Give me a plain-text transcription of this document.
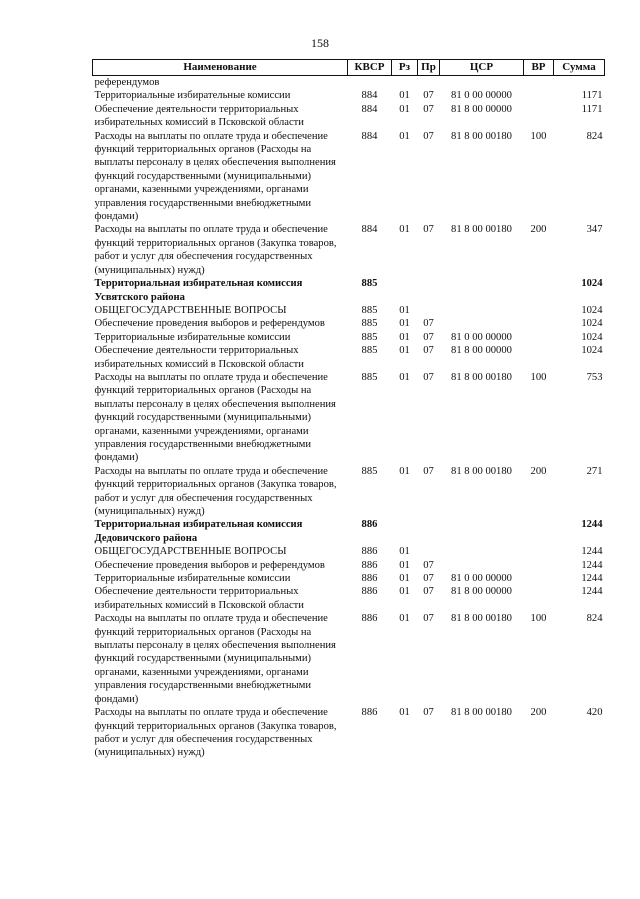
158
Наименование	КВСР	Рз	Пр	ЦСР	ВР	Сумма
референдумов						
Территориальные избирательные комиссии	884	01	07	81 0 00 00000		1171
Обеспечение деятельности территориальных избирательных комиссий в Псковской области	884	01	07	81 8 00 00000		1171
Расходы на выплаты по оплате труда и обеспечение функций территориальных органов (Расходы на выплаты персоналу в целях обеспечения выполнения функций государственными (муниципальными) органами, казенными учреждениями, органами управления государственными внебюджетными фондами)	884	01	07	81 8 00 00180	100	824
Расходы на выплаты по оплате труда и обеспечение функций территориальных органов (Закупка товаров, работ и услуг для обеспечения государственных (муниципальных) нужд)	884	01	07	81 8 00 00180	200	347
Территориальная избирательная комиссия Усвятского района	885					1024
ОБЩЕГОСУДАРСТВЕННЫЕ ВОПРОСЫ	885	01				1024
Обеспечение проведения выборов и референдумов	885	01	07			1024
Территориальные избирательные комиссии	885	01	07	81 0 00 00000		1024
Обеспечение деятельности территориальных избирательных комиссий в Псковской области	885	01	07	81 8 00 00000		1024
Расходы на выплаты по оплате труда и обеспечение функций территориальных органов (Расходы на выплаты персоналу в целях обеспечения выполнения функций государственными (муниципальными) органами, казенными учреждениями, органами управления государственными внебюджетными фондами)	885	01	07	81 8 00 00180	100	753
Расходы на выплаты по оплате труда и обеспечение функций территориальных органов (Закупка товаров, работ и услуг для обеспечения государственных (муниципальных) нужд)	885	01	07	81 8 00 00180	200	271
Территориальная избирательная комиссия Дедовичского района	886					1244
ОБЩЕГОСУДАРСТВЕННЫЕ ВОПРОСЫ	886	01				1244
Обеспечение проведения выборов и референдумов	886	01	07			1244
Территориальные избирательные комиссии	886	01	07	81 0 00 00000		1244
Обеспечение деятельности территориальных избирательных комиссий в Псковской области	886	01	07	81 8 00 00000		1244
Расходы на выплаты по оплате труда и обеспечение функций территориальных органов (Расходы на выплаты персоналу в целях обеспечения выполнения функций государственными (муниципальными) органами, казенными учреждениями, органами управления государственными внебюджетными фондами)	886	01	07	81 8 00 00180	100	824
Расходы на выплаты по оплате труда и обеспечение функций территориальных органов (Закупка товаров, работ и услуг для обеспечения государственных (муниципальных) нужд)	886	01	07	81 8 00 00180	200	420
